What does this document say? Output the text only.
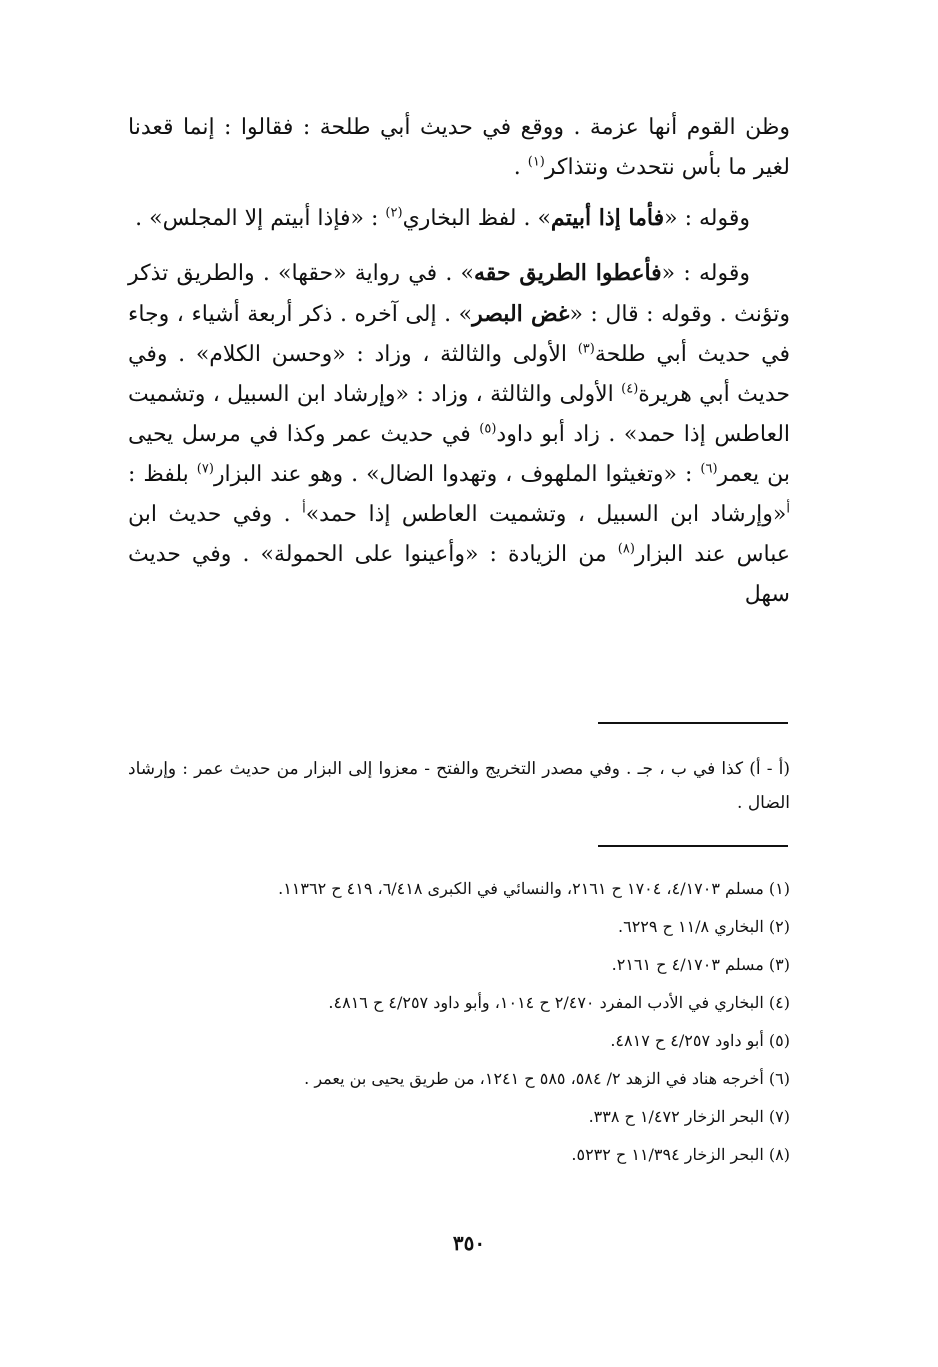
وظن القوم أنها عزمة . ووقع في حديث أبي طلحة : فقالوا : إنما قعدنا لغير ما بأس نتحدث ونتذاكر$^{(١)}$ .

وقوله : «فأما إذا أبيتم» . لفظ البخاري$^{(٢)}$ : «فإذا أبيتم إلا المجلس» .

وقوله : «فأعطوا الطريق حقه» . في رواية «حقها» . والطريق تذكر وتؤنث . وقوله : قال : «غض البصر» . إلى آخره . ذكر أربعة أشياء ، وجاء في حديث أبي طلحة$^{(٣)}$ الأولى والثالثة ، وزاد : «وحسن الكلام» . وفي حديث أبي هريرة$^{(٤)}$ الأولى والثالثة ، وزاد : «وإرشاد ابن السبيل ، وتشميت العاطس إذا حمد» . زاد أبو داود$^{(٥)}$ في حديث عمر وكذا في مرسل يحيى بن يعمر$^{(٦)}$ : «وتغيثوا الملهوف ، وتهدوا الضال» . وهو عند البزار$^{(٧)}$ بلفظ : $^أ$«وإرشاد ابن السبيل ، وتشميت العاطس إذا حمد»$^أ$ . وفي حديث ابن عباس عند البزار$^{(٨)}$ من الزيادة : «وأعينوا على الحمولة» . وفي حديث سهل

(أ - أ) كذا في ب ، جـ . وفي مصدر التخريج والفتح - معزوا إلى البزار من حديث عمر : وإرشاد الضال .

(١) مسلم ٤/١٧٠٣، ١٧٠٤ ح ٢١٦١، والنسائي في الكبرى ٦/٤١٨، ٤١٩ ح ١١٣٦٢.
(٢) البخاري ١١/٨ ح ٦٢٢٩.
(٣) مسلم ٤/١٧٠٣ ح ٢١٦١.
(٤) البخاري في الأدب المفرد ٢/٤٧٠ ح ١٠١٤، وأبو داود ٤/٢٥٧ ح ٤٨١٦.
(٥) أبو داود ٤/٢٥٧ ح ٤٨١٧.
(٦) أخرجه هناد في الزهد ٢/ ٥٨٤، ٥٨٥ ح ١٢٤١، من طريق يحيى بن يعمر .
(٧) البحر الزخار ١/٤٧٢ ح ٣٣٨.
(٨) البحر الزخار ١١/٣٩٤ ح ٥٢٣٢.
٣٥٠
